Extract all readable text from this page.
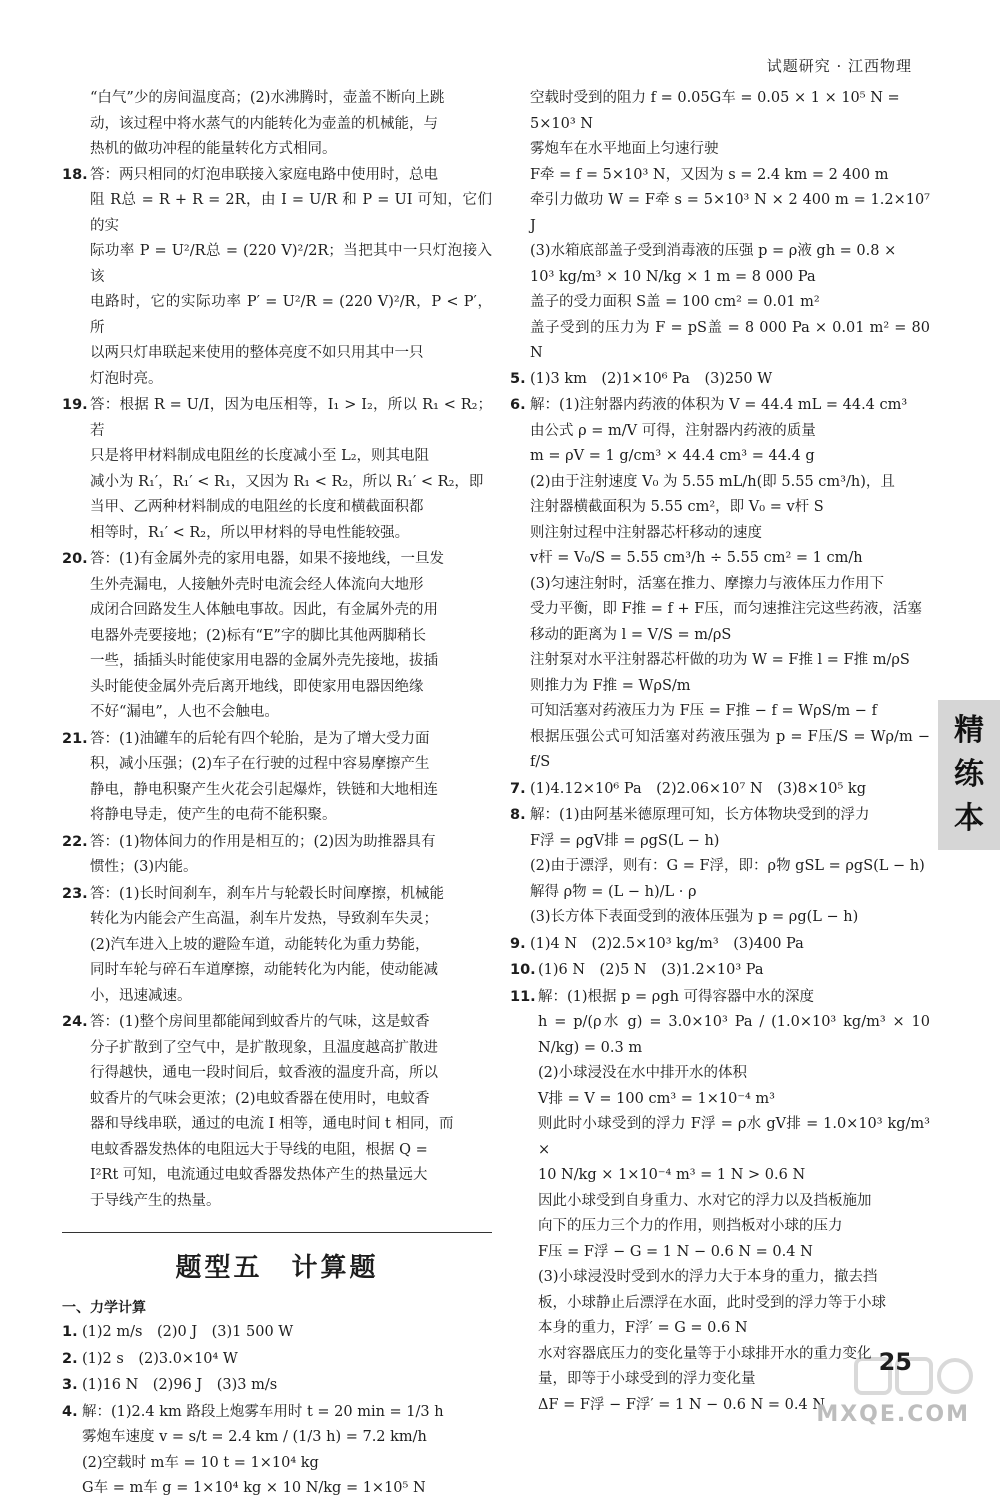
试题研究 · 江西物理

“白气”少的房间温度高；(2)水沸腾时，壶盖不断向上跳

动，该过程中将水蒸气的内能转化为壶盖的机械能，与

热机的做功冲程的能量转化方式相同。

18. 答：两只相同的灯泡串联接入家庭电路中使用时，总电

阻 R总 = R + R = 2R，由 I = U/R 和 P = UI 可知，它们的实

际功率 P = U²/R总 = (220 V)²/2R；当把其中一只灯泡接入该

电路时，它的实际功率 P′ = U²/R = (220 V)²/R，P < P′，所

以两只灯串联起来使用的整体亮度不如只用其中一只

灯泡时亮。

19. 答：根据 R = U/I，因为电压相等，I₁ > I₂，所以 R₁ < R₂；若

只是将甲材料制成电阻丝的长度减小至 L₂，则其电阻

减小为 R₁′，R₁′ < R₁，又因为 R₁ < R₂，所以 R₁′ < R₂，即

当甲、乙两种材料制成的电阻丝的长度和横截面积都

相等时，R₁′ < R₂，所以甲材料的导电性能较强。

20. 答：(1)有金属外壳的家用电器，如果不接地线，一旦发

生外壳漏电，人接触外壳时电流会经人体流向大地形

成闭合回路发生人体触电事故。因此，有金属外壳的用

电器外壳要接地；(2)标有“E”字的脚比其他两脚稍长

一些，插插头时能使家用电器的金属外壳先接地，拔插

头时能使金属外壳后离开地线，即使家用电器因绝缘

不好“漏电”，人也不会触电。

21. 答：(1)油罐车的后轮有四个轮胎，是为了增大受力面

积，减小压强；(2)车子在行驶的过程中容易摩擦产生

静电，静电积聚产生火花会引起爆炸，铁链和大地相连

将静电导走，使产生的电荷不能积聚。

22. 答：(1)物体间力的作用是相互的；(2)因为助推器具有

惯性；(3)内能。

23. 答：(1)长时间刹车，刹车片与轮毂长时间摩擦，机械能

转化为内能会产生高温，刹车片发热，导致刹车失灵；

(2)汽车进入上坡的避险车道，动能转化为重力势能，

同时车轮与碎石车道摩擦，动能转化为内能，使动能减

小，迅速减速。

24. 答：(1)整个房间里都能闻到蚊香片的气味，这是蚊香

分子扩散到了空气中，是扩散现象，且温度越高扩散进

行得越快，通电一段时间后，蚊香液的温度升高，所以

蚊香片的气味会更浓；(2)电蚊香器在使用时，电蚊香

器和导线串联，通过的电流 I 相等，通电时间 t 相同，而

电蚊香器发热体的电阻远大于导线的电阻，根据 Q =

I²Rt 可知，电流通过电蚊香器发热体产生的热量远大

于导线产生的热量。

题型五　计算题

一、力学计算

1. (1)2 m/s　(2)0 J　(3)1 500 W

2. (1)2 s　(2)3.0×10⁴ W

3. (1)16 N　(2)96 J　(3)3 m/s

4. 解：(1)2.4 km 路段上炮雾车用时 t = 20 min = 1/3 h

雾炮车速度 v = s/t = 2.4 km / (1/3 h) = 7.2 km/h

(2)空载时 m车 = 10 t = 1×10⁴ kg

G车 = m车 g = 1×10⁴ kg × 10 N/kg = 1×10⁵ N

空载时受到的阻力 f = 0.05G车 = 0.05 × 1 × 10⁵ N =

5×10³ N

雾炮车在水平地面上匀速行驶

F牵 = f = 5×10³ N，又因为 s = 2.4 km = 2 400 m

牵引力做功 W = F牵 s = 5×10³ N × 2 400 m = 1.2×10⁷ J

(3)水箱底部盖子受到消毒液的压强 p = ρ液 gh = 0.8 ×

10³ kg/m³ × 10 N/kg × 1 m = 8 000 Pa

盖子的受力面积 S盖 = 100 cm² = 0.01 m²

盖子受到的压力为 F = pS盖 = 8 000 Pa × 0.01 m² = 80 N

5. (1)3 km　(2)1×10⁶ Pa　(3)250 W

6. 解：(1)注射器内药液的体积为 V = 44.4 mL = 44.4 cm³

由公式 ρ = m/V 可得，注射器内药液的质量

m = ρV = 1 g/cm³ × 44.4 cm³ = 44.4 g

(2)由于注射速度 V₀ 为 5.55 mL/h(即 5.55 cm³/h)，且

注射器横截面积为 5.55 cm²，即 V₀ = v杆 S

则注射过程中注射器芯杆移动的速度

v杆 = V₀/S = 5.55 cm³/h ÷ 5.55 cm² = 1 cm/h

(3)匀速注射时，活塞在推力、摩擦力与液体压力作用下

受力平衡，即 F推 = f + F压，而匀速推注完这些药液，活塞

移动的距离为 l = V/S = m/ρS

注射泵对水平注射器芯杆做的功为 W = F推 l = F推 m/ρS

则推力为 F推 = WρS/m

可知活塞对药液压力为 F压 = F推 − f = WρS/m − f

根据压强公式可知活塞对药液压强为 p = F压/S = Wρ/m − f/S

7. (1)4.12×10⁶ Pa　(2)2.06×10⁷ N　(3)8×10⁵ kg

8. 解：(1)由阿基米德原理可知，长方体物块受到的浮力

F浮 = ρgV排 = ρgS(L − h)

(2)由于漂浮，则有：G = F浮，即：ρ物 gSL = ρgS(L − h)

解得 ρ物 = (L − h)/L · ρ

(3)长方体下表面受到的液体压强为 p = ρg(L − h)

9. (1)4 N　(2)2.5×10³ kg/m³　(3)400 Pa

10. (1)6 N　(2)5 N　(3)1.2×10³ Pa

11. 解：(1)根据 p = ρgh 可得容器中水的深度

h = p/(ρ水 g) = 3.0×10³ Pa / (1.0×10³ kg/m³ × 10 N/kg) = 0.3 m

(2)小球浸没在水中排开水的体积

V排 = V = 100 cm³ = 1×10⁻⁴ m³

则此时小球受到的浮力 F浮 = ρ水 gV排 = 1.0×10³ kg/m³ ×

10 N/kg × 1×10⁻⁴ m³ = 1 N > 0.6 N

因此小球受到自身重力、水对它的浮力以及挡板施加

向下的压力三个力的作用，则挡板对小球的压力

F压 = F浮 − G = 1 N − 0.6 N = 0.4 N

(3)小球浸没时受到水的浮力大于本身的重力，撤去挡

板，小球静止后漂浮在水面，此时受到的浮力等于小球

本身的重力，F浮′ = G = 0.6 N

水对容器底压力的变化量等于小球排开水的重力变化

量，即等于小球受到的浮力变化量

ΔF = F浮 − F浮′ = 1 N − 0.6 N = 0.4 N

精
练
本
25
MXQE.COM
